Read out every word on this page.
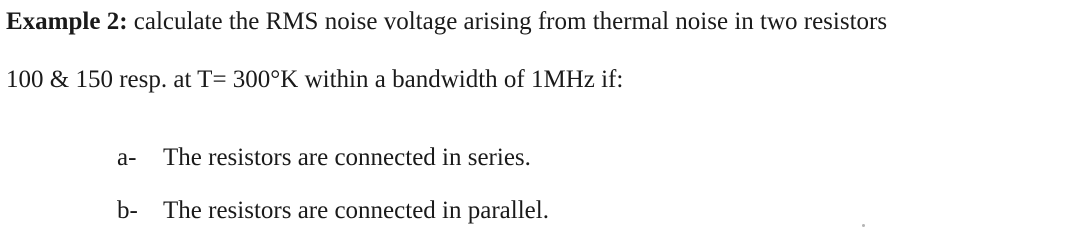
Example 2: calculate the RMS noise voltage arising from thermal noise in two resistors
100 & 150 resp. at T= 300°K within a bandwidth of 1MHz if:
a- The resistors are connected in series.
b- The resistors are connected in parallel.
